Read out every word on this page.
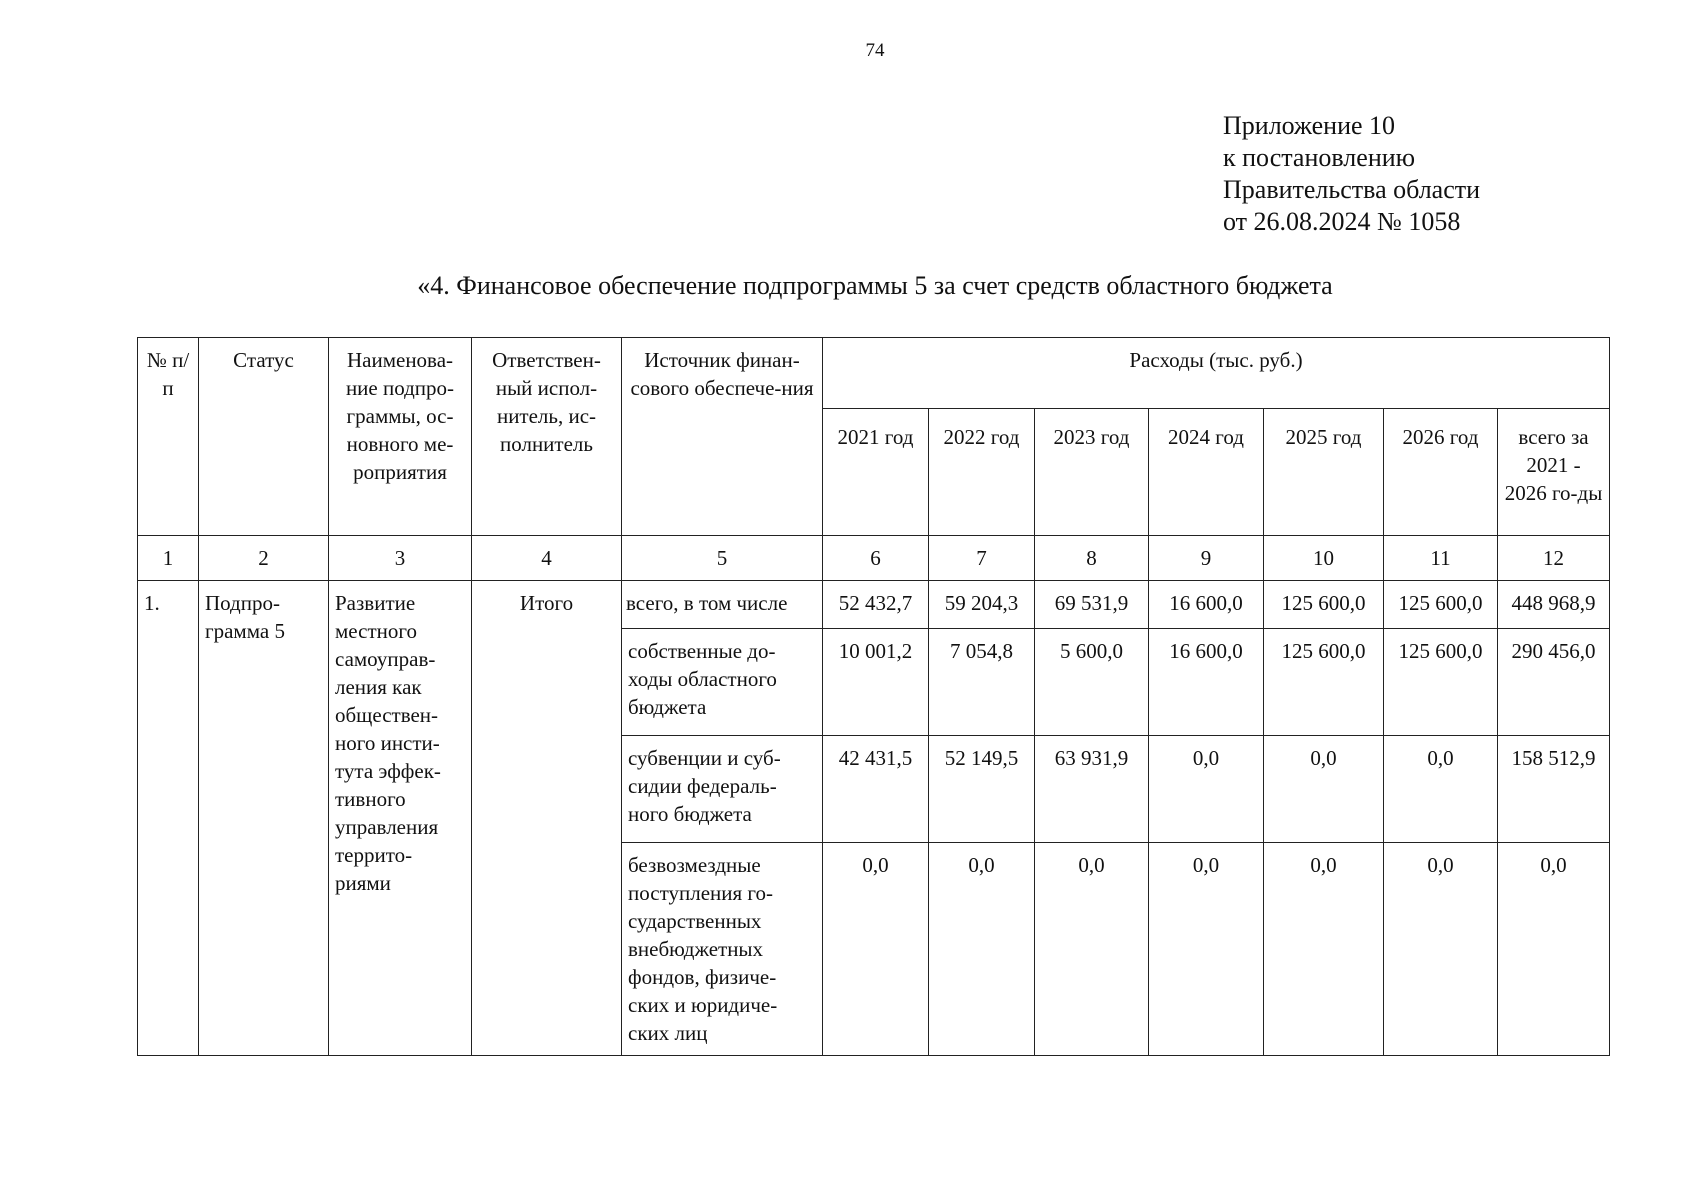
74
Приложение 10
к постановлению
Правительства области
от 26.08.2024 № 1058
«4. Финансовое обеспечение подпрограммы 5 за счет средств областного бюджета
№ п/п	Статус	Наименова-ние подпро-граммы, ос-новного ме-роприятия	Ответствен-ный испол-нитель, ис-полнитель	Источник финан-сового обеспече-ния	Расходы (тыс. руб.)						
					2021 год	2022 год	2023 год	2024 год	2025 год	2026 год	всего за 2021 - 2026 го-ды
1	2	3	4	5	6	7	8	9	10	11	12
1.	Подпро-грамма 5	Развитие местного самоуправ-ления как обществен-ного инсти-тута эффек-тивного управления террито-риями	Итого	всего, в том числе	52 432,7	59 204,3	69 531,9	16 600,0	125 600,0	125 600,0	448 968,9
				собственные до-ходы областного бюджета	10 001,2	7 054,8	5 600,0	16 600,0	125 600,0	125 600,0	290 456,0
				субвенции и суб-сидии федераль-ного бюджета	42 431,5	52 149,5	63 931,9	0,0	0,0	0,0	158 512,9
				безвозмездные поступления го-сударственных внебюджетных фондов, физиче-ских и юридиче-ских лиц	0,0	0,0	0,0	0,0	0,0	0,0	0,0
